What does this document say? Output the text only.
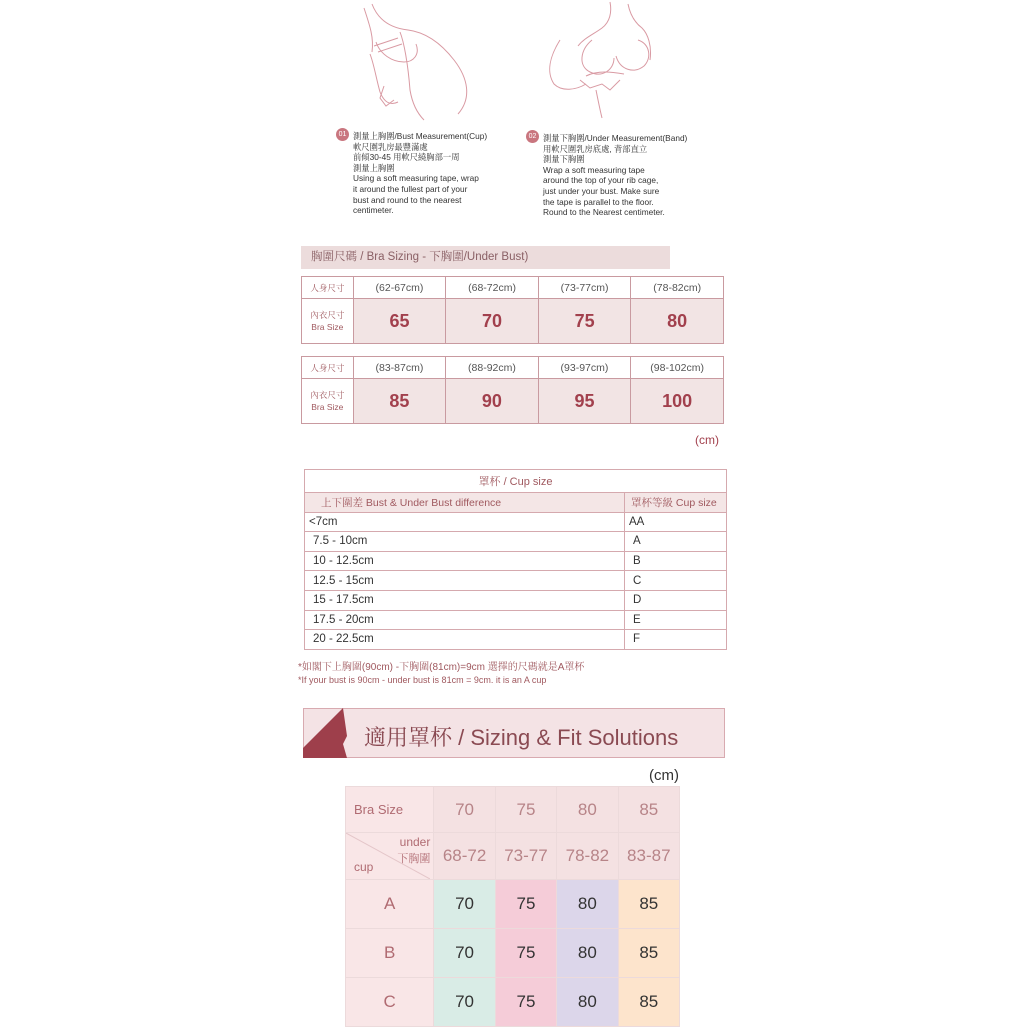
01 測量上胸圍/Bust Measurement(Cup)
軟尺圍乳房最豐滿處
前傾30-45 用軟尺繞胸部一周
測量上胸圍
Using a soft measuring tape, wrap
it around the fullest part of your
bust and round to the nearest
centimeter.
02 測量下胸圍/Under Measurement(Band)
用軟尺圍乳房底處, 背部直立
測量下胸圍
Wrap a soft measuring tape
around the top of your rib cage,
just under your bust. Make sure
the tape is parallel to the floor.
Round to the Nearest centimeter.
胸圍尺碼 / Bra Sizing - 下胸圍/Under Bust)
人身尺寸	(62-67cm)	(68-72cm)	(73-77cm)	(78-82cm)
內衣尺寸
Bra Size	65	70	75	80
人身尺寸	(83-87cm)	(88-92cm)	(93-97cm)	(98-102cm)
內衣尺寸
Bra Size	85	90	95	100
(cm)
罩杯 / Cup size	
上下圍差 Bust & Under Bust difference	罩杯等級 Cup size
<7cm	AA
7.5 - 10cm	A
10 - 12.5cm	B
12.5 - 15cm	C
15 - 17.5cm	D
17.5 - 20cm	E
20 - 22.5cm	F
*如閣下上胸圍(90cm) -下胸圍(81cm)=9cm 選擇的尺碼就是A罩杯
*If your bust is 90cm - under bust is 81cm = 9cm. it is an A cup
適用罩杯 / Sizing & Fit Solutions
(cm)
Bra Size	70	75	80	85

under
下胸圍
cup	68-72	73-77	78-82	83-87
A	70	75	80	85
B	70	75	80	85
C	70	75	80	85
